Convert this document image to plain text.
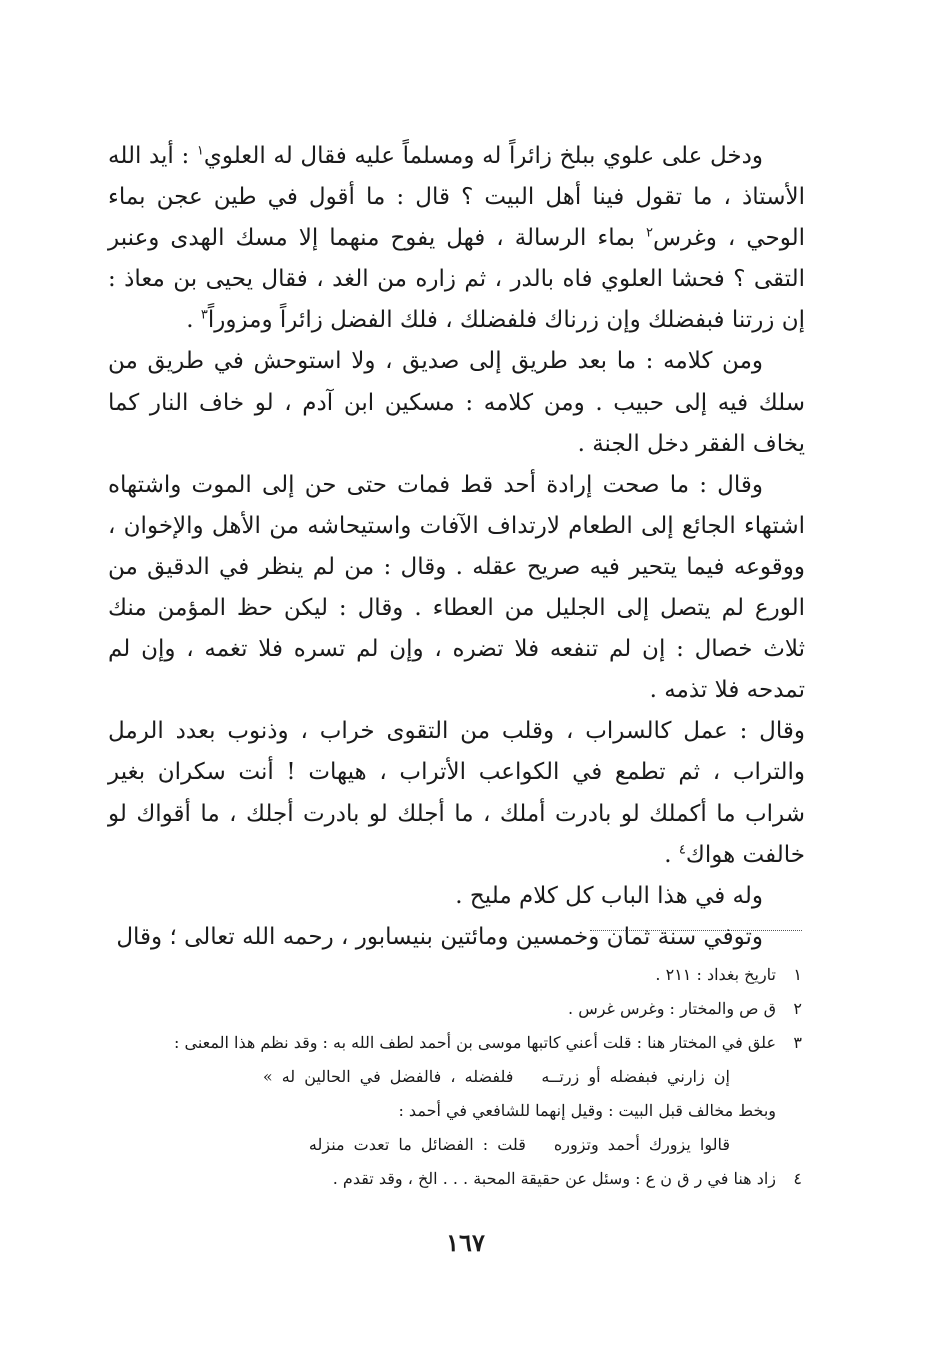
ودخل على علوي ببلخ زائراً له ومسلماً عليه فقال له العلوي$^١$ : أيد الله الأستاذ ، ما تقول فينا أهل البيت ؟ قال : ما أقول في طين عجن بماء الوحي ، وغرس$^٢$ بماء الرسالة ، فهل يفوح منهما إلا مسك الهدى وعنبر التقى ؟ فحشا العلوي فاه بالدر ، ثم زاره من الغد ، فقال يحيى بن معاذ : إن زرتنا فبفضلك وإن زرناك فلفضلك ، فلك الفضل زائراً ومزوراً$^٣$ .

ومن كلامه : ما بعد طريق إلى صديق ، ولا استوحش في طريق من سلك فيه إلى حبيب . ومن كلامه : مسكين ابن آدم ، لو خاف النار كما يخاف الفقر دخل الجنة .

وقال : ما صحت إرادة أحد قط فمات حتى حن إلى الموت واشتهاه اشتهاء الجائع إلى الطعام لارتداف الآفات واستيحاشه من الأهل والإخوان ، ووقوعه فيما يتحير فيه صريح عقله . وقال : من لم ينظر في الدقيق من الورع لم يتصل إلى الجليل من العطاء . وقال : ليكن حظ المؤمن منك ثلاث خصال : إن لم تنفعه فلا تضره ، وإن لم تسره فلا تغمه ، وإن لم تمدحه فلا تذمه .

وقال : عمل كالسراب ، وقلب من التقوى خراب ، وذنوب بعدد الرمل والتراب ، ثم تطمع في الكواعب الأتراب ، هيهات ! أنت سكران بغير شراب ما أكملك لو بادرت أملك ، ما أجلك لو بادرت أجلك ، ما أقواك لو خالفت هواك$^٤$ .

وله في هذا الباب كل كلام مليح .

وتوفي سنة ثمان وخمسين ومائتين بنيسابور ، رحمه الله تعالى ؛ وقال

١تاريخ بغداد : ٢١١ .

٢ق ص والمختار : وغرس غرس .

٣علق في المختار هنا : قلت أعني كاتبها موسى بن أحمد لطف الله به : وقد نظم هذا المعنى :

إن زارني فبفضله أو زرتــهفلفضله ، فالفضل في الحالين له »

وبخط مخالف قبل البيت : وقيل إنهما للشافعي في أحمد :

قالوا يزورك أحمد وتزورهقلت : الفضائل ما تعدت منزله

٤زاد هنا في ر ق ن ع : وسئل عن حقيقة المحبة . . . الخ ، وقد تقدم .

١٦٧
